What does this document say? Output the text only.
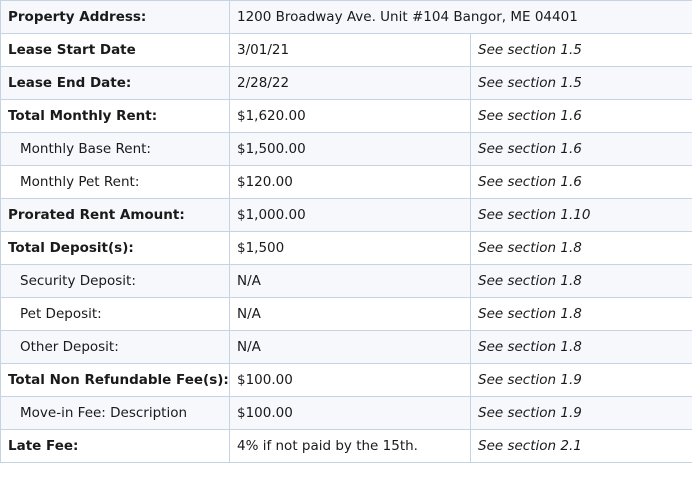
Property Address:	1200 Broadway Ave. Unit #104 Bangor, ME 04401	
Lease Start Date	3/01/21	See section 1.5
Lease End Date:	2/28/22	See section 1.5
Total Monthly Rent:	$1,620.00	See section 1.6
Monthly Base Rent:	$1,500.00	See section 1.6
Monthly Pet Rent:	$120.00	See section 1.6
Prorated Rent Amount:	$1,000.00	See section 1.10
Total Deposit(s):	$1,500	See section 1.8
Security Deposit:	N/A	See section 1.8
Pet Deposit:	N/A	See section 1.8
Other Deposit:	N/A	See section 1.8
Total Non Refundable Fee(s):	$100.00	See section 1.9
Move-in Fee: Description	$100.00	See section 1.9
Late Fee:	4% if not paid by the 15th.	See section 2.1
